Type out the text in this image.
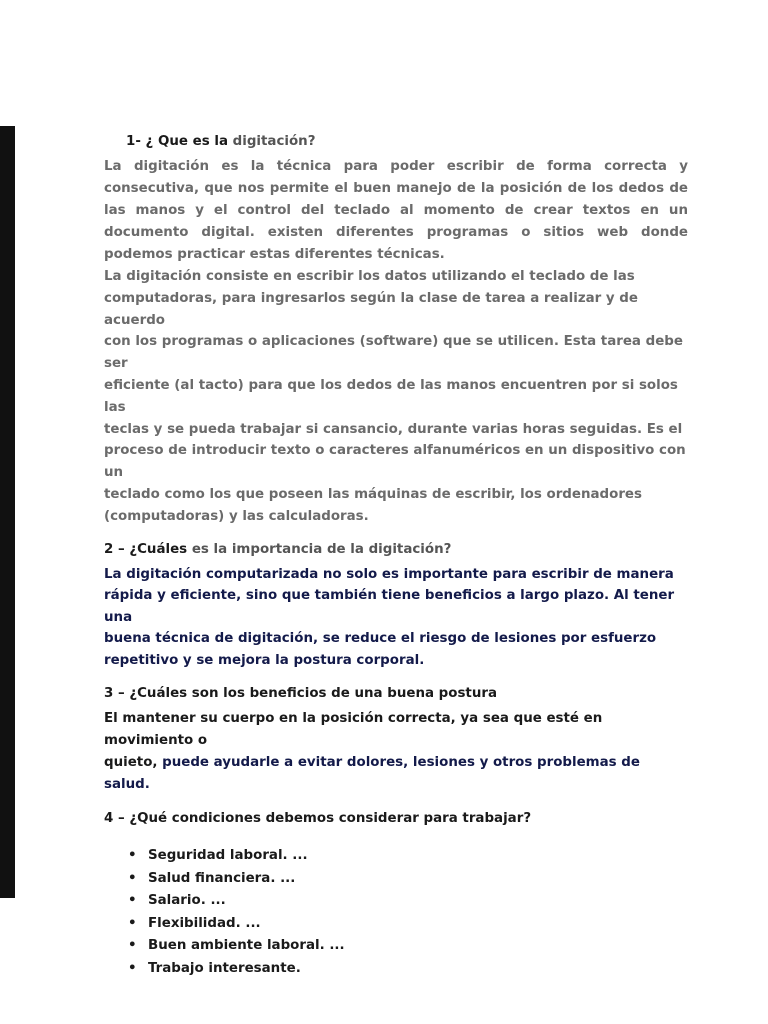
1- ¿ Que es la digitación?

La digitación es la técnica para poder escribir de forma correcta y consecutiva, que nos permite el buen manejo de la posición de los dedos de las manos y el control del teclado al momento de crear textos en un documento digital. existen diferentes programas o sitios web donde podemos practicar estas diferentes técnicas.

La digitación consiste en escribir los datos utilizando el teclado de las
computadoras, para ingresarlos según la clase de tarea a realizar y de acuerdo
con los programas o aplicaciones (software) que se utilicen. Esta tarea debe ser
eficiente (al tacto) para que los dedos de las manos encuentren por si solos las
teclas y se pueda trabajar si cansancio, durante varias horas seguidas. Es el
proceso de introducir texto o caracteres alfanuméricos en un dispositivo con un
teclado como los que poseen las máquinas de escribir, los ordenadores
(computadoras) y las calculadoras.

2 – ¿Cuáles es la importancia de la digitación?

La digitación computarizada no solo es importante para escribir de manera
rápida y eficiente, sino que también tiene beneficios a largo plazo. Al tener una
buena técnica de digitación, se reduce el riesgo de lesiones por esfuerzo
repetitivo y se mejora la postura corporal.

3 – ¿Cuáles son los beneficios de una buena postura

El mantener su cuerpo en la posición correcta, ya sea que esté en movimiento o
quieto, puede ayudarle a evitar dolores, lesiones y otros problemas de salud.

4 – ¿Qué condiciones debemos considerar para trabajar?

• Seguridad laboral. ...
• Salud financiera. ...
• Salario. ...
• Flexibilidad. ...
• Buen ambiente laboral. ...
• Trabajo interesante.
